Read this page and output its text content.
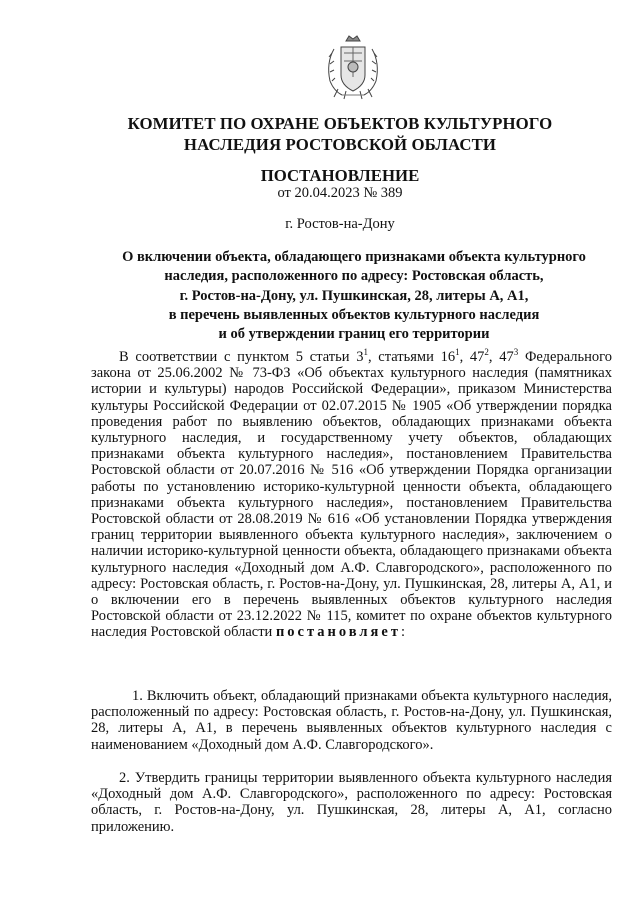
КОМИТЕТ ПО ОХРАНЕ ОБЪЕКТОВ КУЛЬТУРНОГО
НАСЛЕДИЯ РОСТОВСКОЙ ОБЛАСТИ
ПОСТАНОВЛЕНИЕ
от 20.04.2023 № 389
г. Ростов-на-Дону
О включении объекта, обладающего признаками объекта культурного
наследия, расположенного по адресу: Ростовская область,
г. Ростов-на-Дону, ул. Пушкинская, 28, литеры А, А1,
в перечень выявленных объектов культурного наследия
и об утверждении границ его территории

В соответствии с пунктом 5 статьи $3^1$, статьями $16^1$, $47^2$, $47^3$ Федерального закона от 25.06.2002 № 73-ФЗ «Об объектах культурного наследия (памятниках истории и культуры) народов Российской Федерации», приказом Министерства культуры Российской Федерации от 02.07.2015 № 1905 «Об утверждении порядка проведения работ по выявлению объектов, обладающих признаками объекта культурного наследия, и государственному учету объектов, обладающих признаками объекта культурного наследия», постановлением Правительства Ростовской области от 20.07.2016 № 516 «Об утверждении Порядка организации работы по установлению историко-культурной ценности объекта, обладающего признаками объекта культурного наследия», постановлением Правительства Ростовской области от 28.08.2019 № 616 «Об установлении Порядка утверждения границ территории выявленного объекта культурного наследия», заключением о наличии историко-культурной ценности объекта, обладающего признаками объекта культурного наследия «Доходный дом А.Ф. Славгородского», расположенного по адресу: Ростовская область, г. Ростов-на-Дону, ул. Пушкинская, 28, литеры А, А1, и о включении его в перечень выявленных объектов культурного наследия Ростовской области от 23.12.2022 № 115, комитет по охране объектов культурного наследия Ростовской области постановляет:

1. Включить объект, обладающий признаками объекта культурного наследия, расположенный по адресу: Ростовская область, г. Ростов-на-Дону, ул. Пушкинская, 28, литеры А, А1, в перечень выявленных объектов культурного наследия с наименованием «Доходный дом А.Ф. Славгородского».

2. Утвердить границы территории выявленного объекта культурного наследия «Доходный дом А.Ф. Славгородского», расположенного по адресу: Ростовская область, г. Ростов-на-Дону, ул. Пушкинская, 28, литеры А, А1, согласно приложению.
